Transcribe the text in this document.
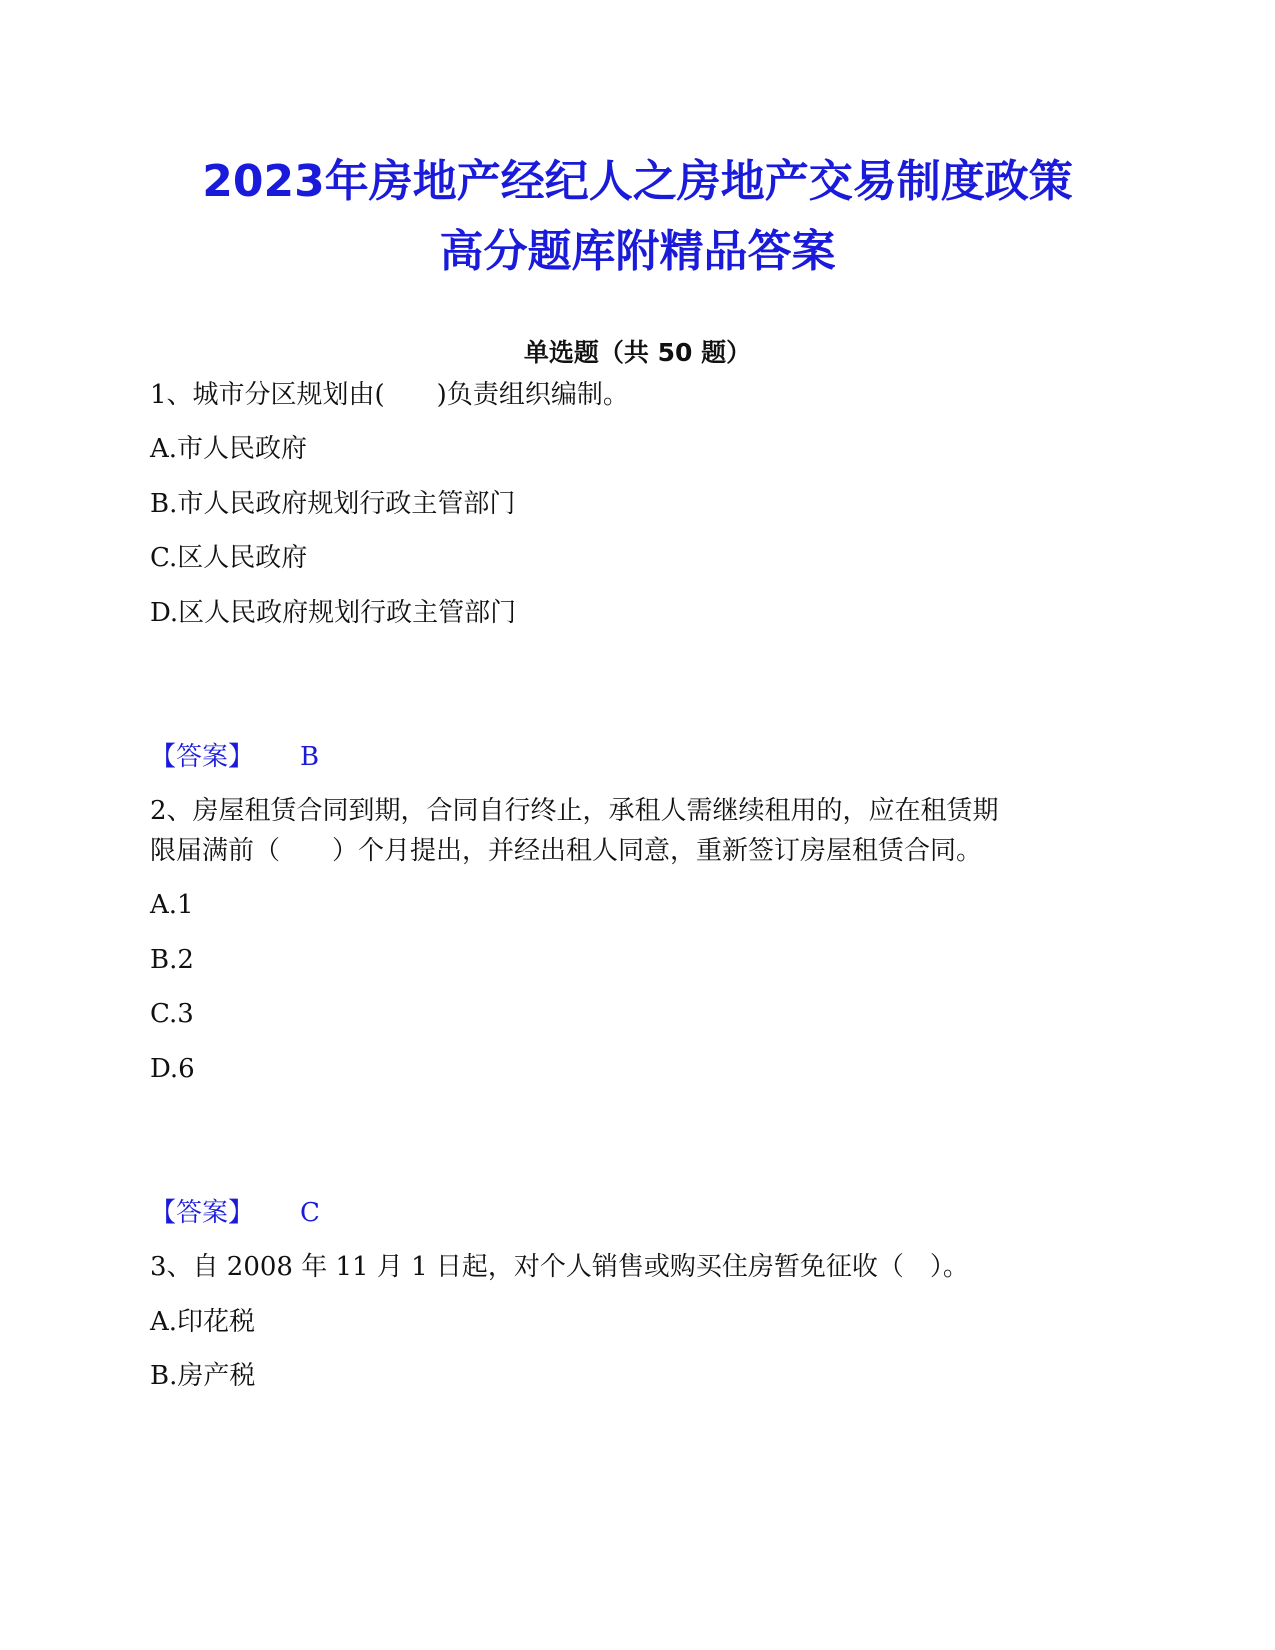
2023年房地产经纪人之房地产交易制度政策
高分题库附精品答案
单选题（共 50 题）
1、城市分区规划由(　　)负责组织编制。
A.市人民政府
B.市人民政府规划行政主管部门
C.区人民政府
D.区人民政府规划行政主管部门
【答案】 B
2、房屋租赁合同到期，合同自行终止，承租人需继续租用的，应在租赁期
限届满前（　　）个月提出，并经出租人同意，重新签订房屋租赁合同。
A.1
B.2
C.3
D.6
【答案】 C
3、自 2008 年 11 月 1 日起，对个人销售或购买住房暂免征收（　）。
A.印花税
B.房产税
